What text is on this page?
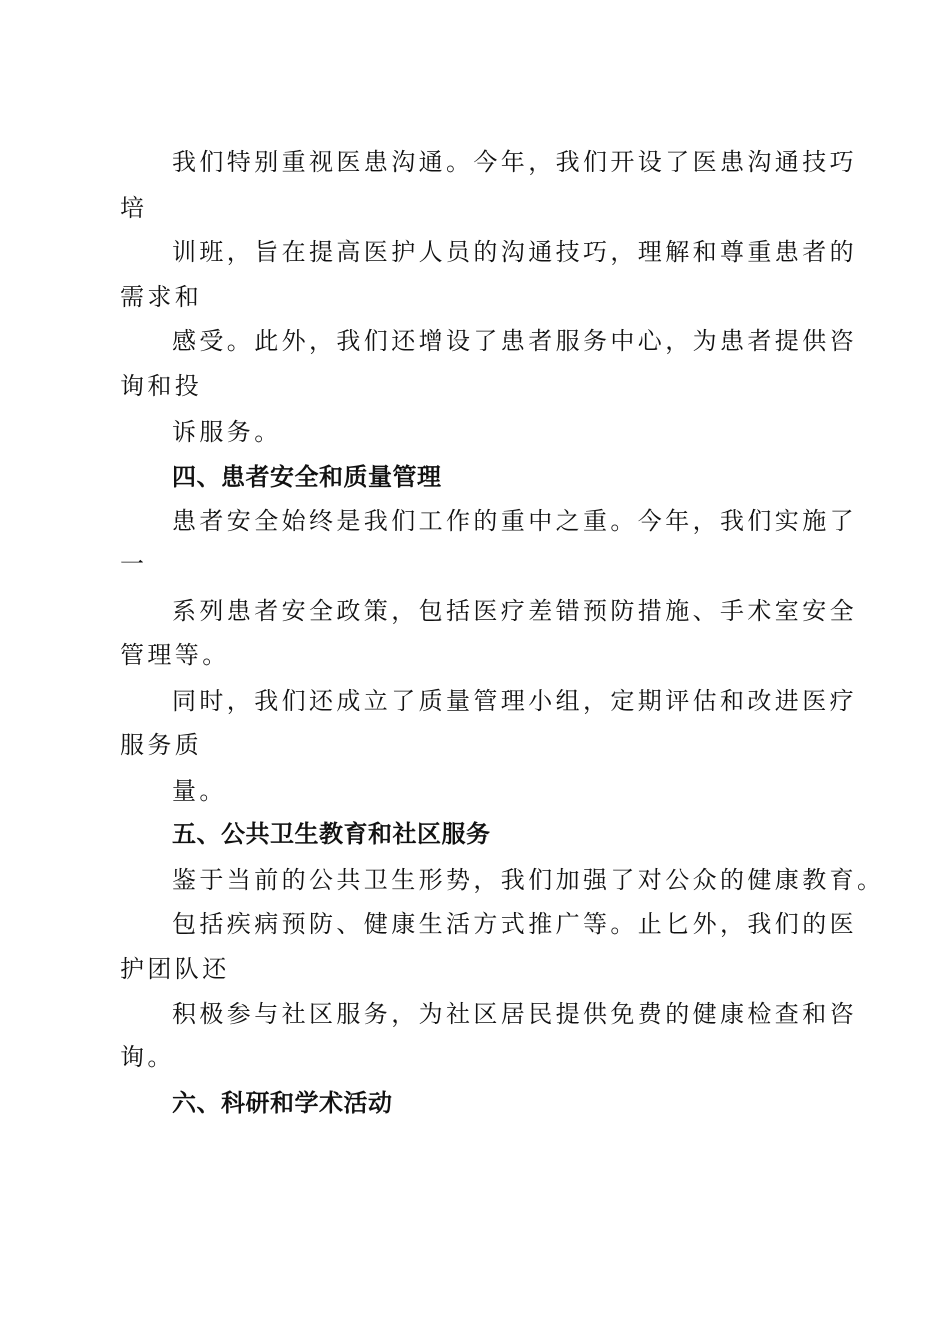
我们特别重视医患沟通。今年，我们开设了医患沟通技巧
培
训班，旨在提高医护人员的沟通技巧，理解和尊重患者的
需求和
感受。此外，我们还增设了患者服务中心，为患者提供咨
询和投
诉服务。
四、患者安全和质量管理
患者安全始终是我们工作的重中之重。今年，我们实施了
一
系列患者安全政策，包括医疗差错预防措施、手术室安全
管理等。
同时，我们还成立了质量管理小组，定期评估和改进医疗
服务质
量。
五、公共卫生教育和社区服务
鉴于当前的公共卫生形势，我们加强了对公众的健康教育。
包括疾病预防、健康生活方式推广等。止匕外，我们的医
护团队还
积极参与社区服务，为社区居民提供免费的健康检查和咨
询。
六、科研和学术活动
